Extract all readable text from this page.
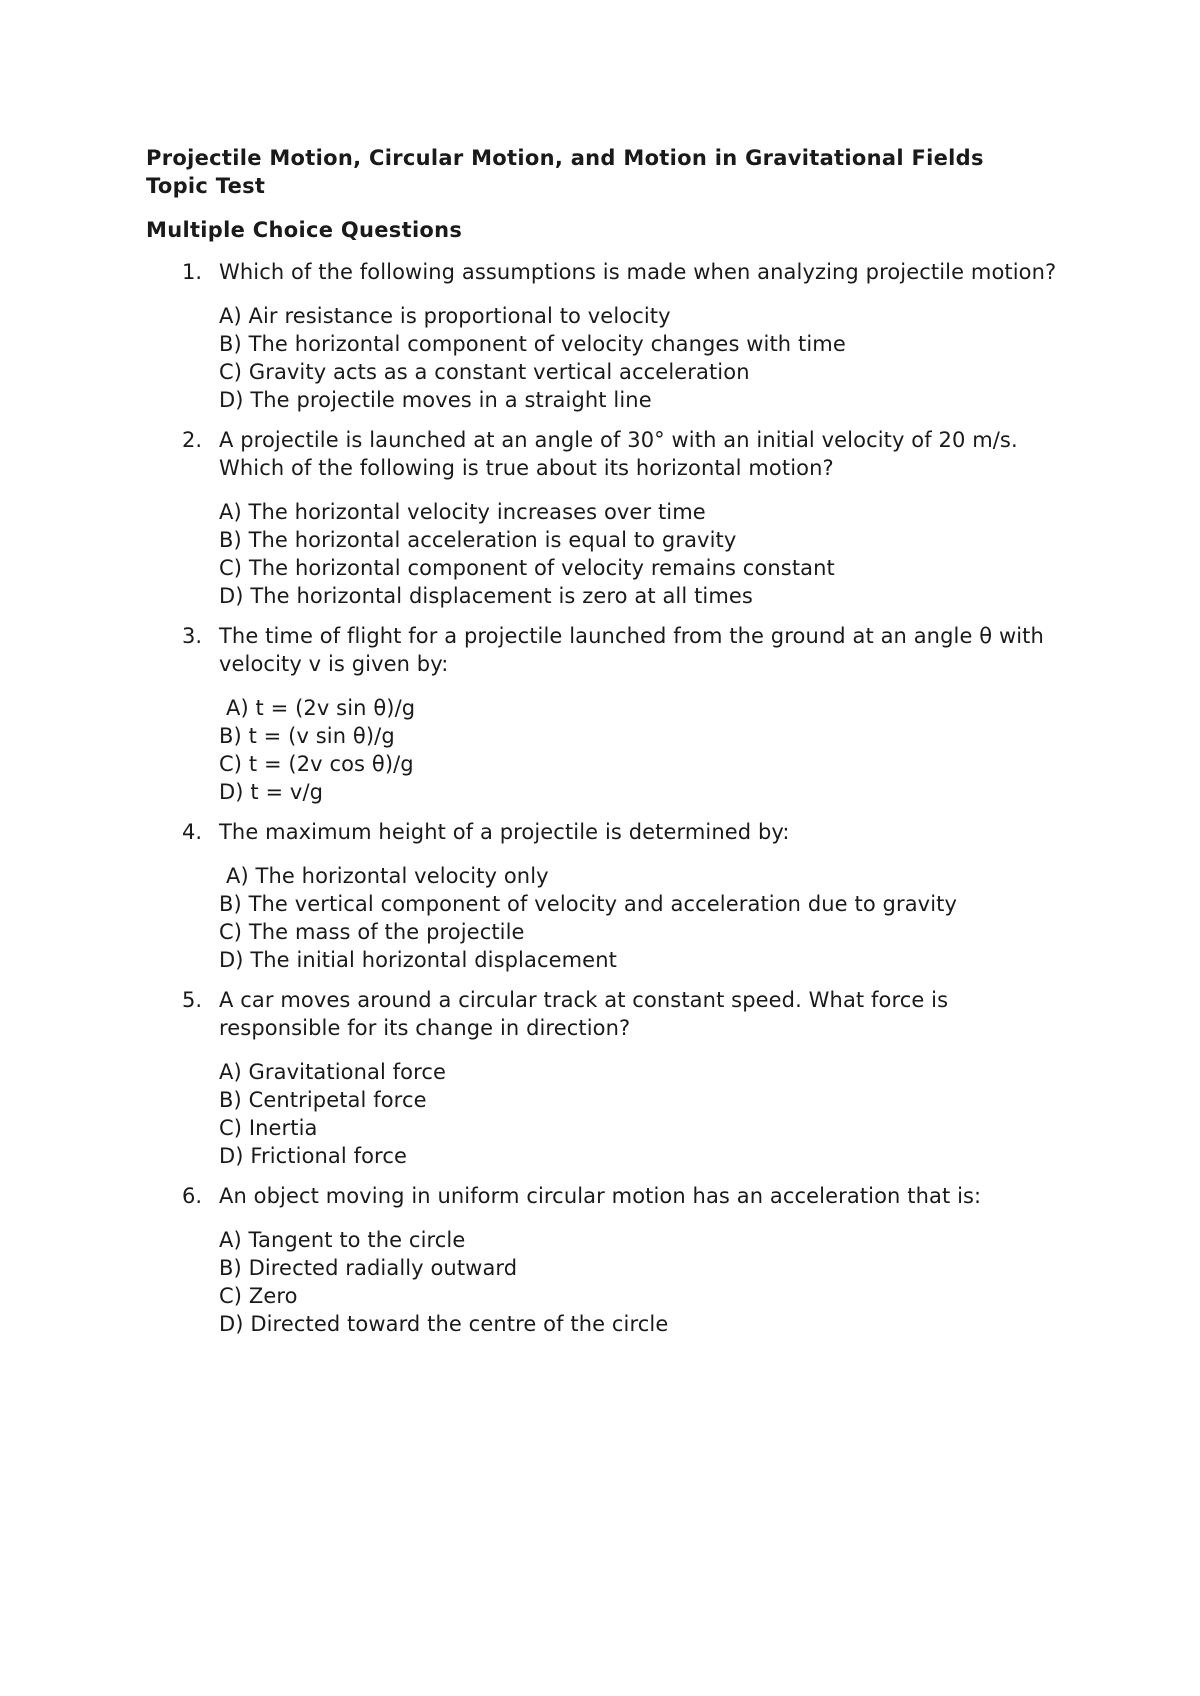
Projectile Motion, Circular Motion, and Motion in Gravitational Fields
Topic Test

Multiple Choice Questions

1. Which of the following assumptions is made when analyzing projectile motion?

A) Air resistance is proportional to velocity
B) The horizontal component of velocity changes with time
C) Gravity acts as a constant vertical acceleration
D) The projectile moves in a straight line
2. A projectile is launched at an angle of 30° with an initial velocity of 20 m/s. Which of the following is true about its horizontal motion?

A) The horizontal velocity increases over time
B) The horizontal acceleration is equal to gravity
C) The horizontal component of velocity remains constant
D) The horizontal displacement is zero at all times
3. The time of flight for a projectile launched from the ground at an angle θ with velocity v is given by:

A) t = (2v sin θ)/g
B) t = (v sin θ)/g
C) t = (2v cos θ)/g
D) t = v/g
4. The maximum height of a projectile is determined by:

A) The horizontal velocity only
B) The vertical component of velocity and acceleration due to gravity
C) The mass of the projectile
D) The initial horizontal displacement
5. A car moves around a circular track at constant speed. What force is responsible for its change in direction?

A) Gravitational force
B) Centripetal force
C) Inertia
D) Frictional force
6. An object moving in uniform circular motion has an acceleration that is:

A) Tangent to the circle
B) Directed radially outward
C) Zero
D) Directed toward the centre of the circle
